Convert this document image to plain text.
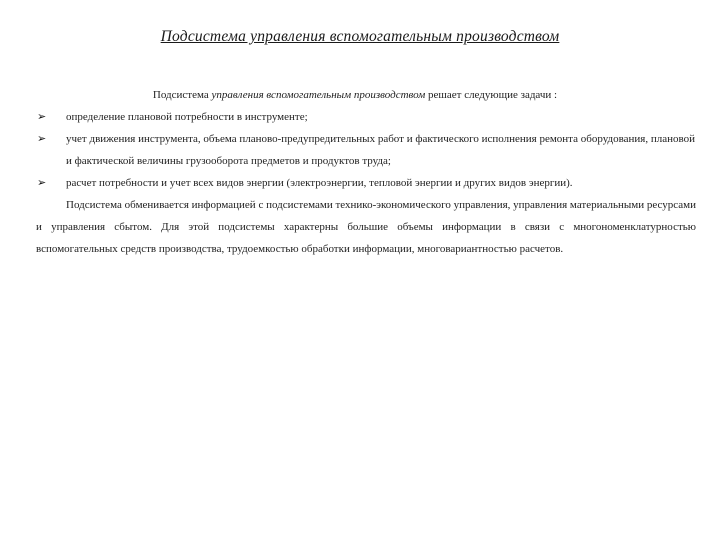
Подсистема управления вспомогательным производством
Подсистема управления вспомогательным производством решает следующие задачи :
➢ определение плановой потребности в инструменте;
➢ учет движения инструмента, объема планово-предупредительных работ и фактического исполнения ремонта оборудования, плановой и фактической величины грузооборота предметов и продуктов труда;
➢ расчет потребности и учет всех видов энергии (электроэнергии, тепловой энергии и других видов энергии).
Подсистема обменивается информацией с подсистемами технико-экономического управления, управления материальными ресурсами и управления сбытом. Для этой подсистемы характерны большие объемы информации в связи с многономенклатурностью вспомогательных средств производства, трудоемкостью обработки информации, многовариантностью расчетов.
